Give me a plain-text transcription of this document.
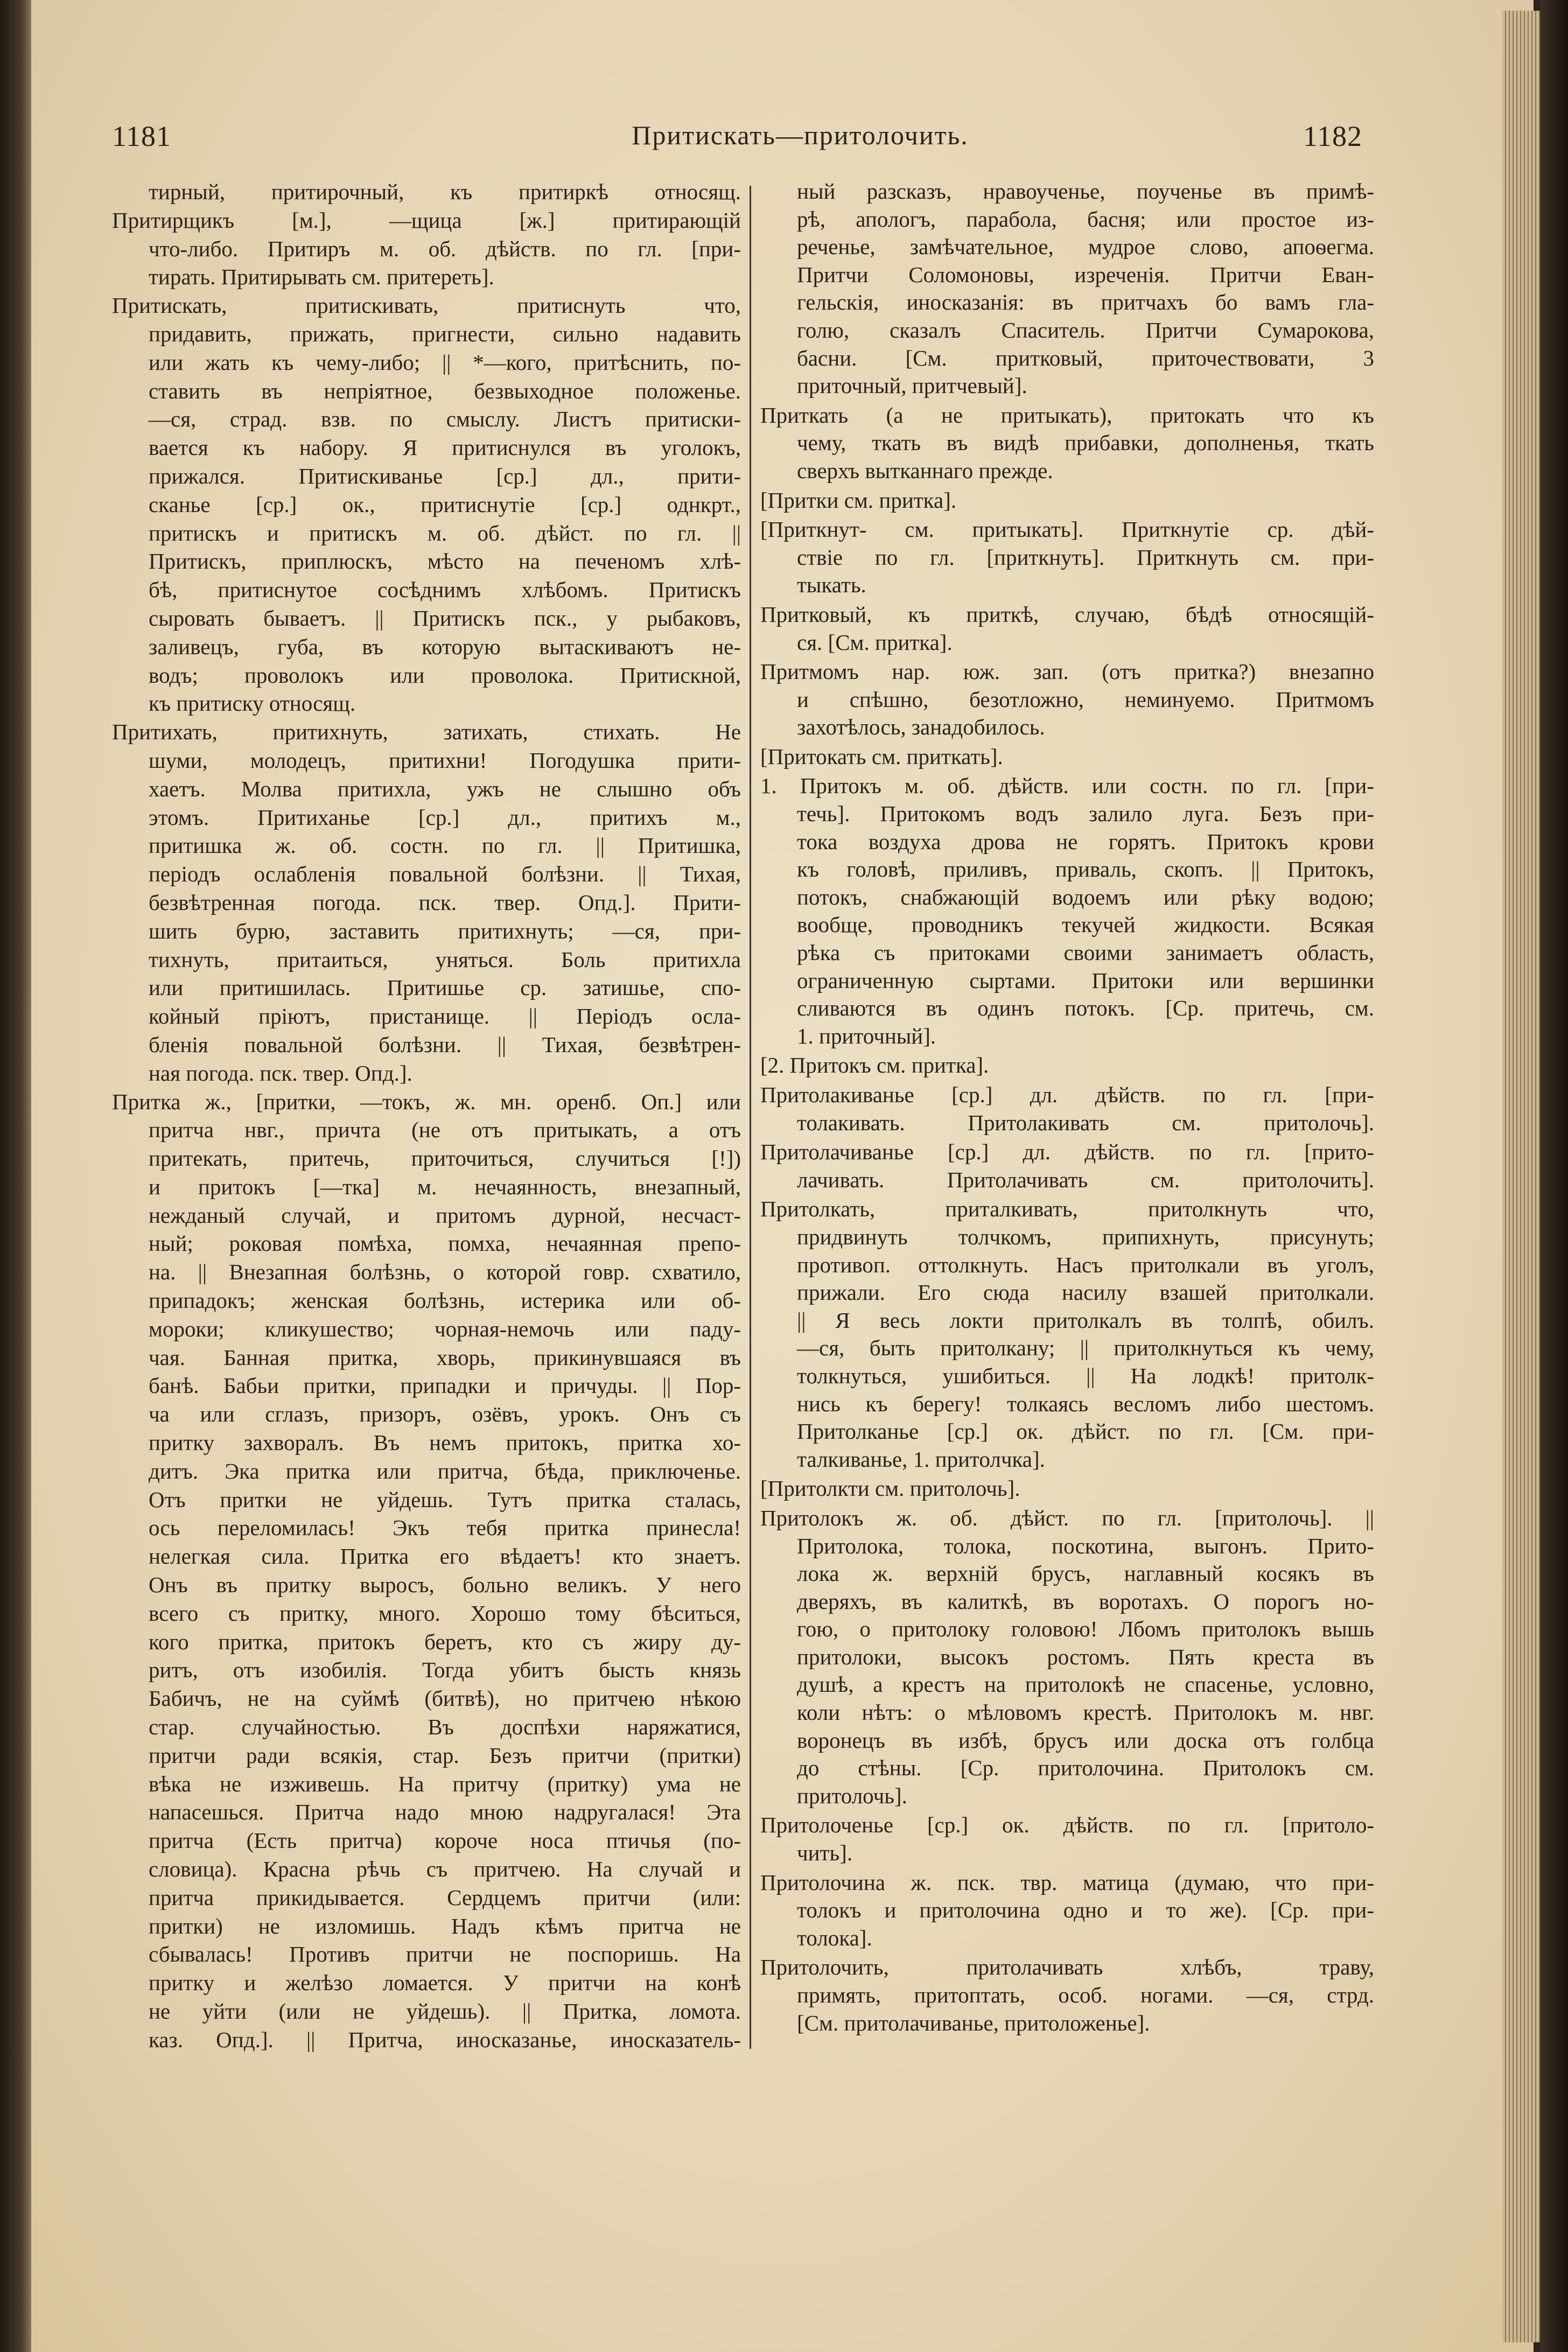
1181	Притискать—притолочить.	1182
тирный, притирочный, къ притиркѣ относящ.
Притирщикъ [м.], —щица [ж.] притирающій
что-либо. Притиръ м. об. дѣйств. по гл. [при-
тирать. Притирывать см. притереть].
Притискать, притискивать, притиснуть что,
придавить, прижать, пригнести, сильно надавить
или жать къ чему-либо; || *—кого, притѣснить, по-
ставить въ непріятное, безвыходное положенье.
—ся, страд. взв. по смыслу. Листъ притиски-
вается къ набору. Я притиснулся въ уголокъ,
прижался. Притискиванье [ср.] дл., прити-
сканье [ср.] ок., притиснутіе [ср.] однкрт.,
притискъ и притискъ м. об. дѣйст. по гл. ||
Притискъ, приплюскъ, мѣсто на печеномъ хлѣ-
бѣ, притиснутое сосѣднимъ хлѣбомъ. Притискъ
сыровать бываетъ. || Притискъ пск., у рыбаковъ,
заливецъ, губа, въ которую вытаскиваютъ не-
водъ; проволокъ или проволока. Притискной,
къ притиску относящ.
Притихать, притихнуть, затихать, стихать. Не
шуми, молодецъ, притихни! Погодушка прити-
хаетъ. Молва притихла, ужъ не слышно объ
этомъ. Притиханье [ср.] дл., притихъ м.,
притишка ж. об. состн. по гл. || Притишка,
періодъ ослабленія повальной болѣзни. || Тихая,
безвѣтренная погода. пск. твер. Опд.]. Прити-
шить бурю, заставить притихнуть; —ся, при-
тихнуть, притаиться, уняться. Боль притихла
или притишилась. Притишье ср. затишье, спо-
койный пріютъ, пристанище. || Періодъ осла-
бленія повальной болѣзни. || Тихая, безвѣтрен-
ная погода. пск. твер. Опд.].
Притка ж., [притки, —токъ, ж. мн. оренб. Оп.] или
притча нвг., причта (не отъ притыкать, а отъ
притекать, притечь, приточиться, случиться [!])
и притокъ [—тка] м. нечаянность, внезапный,
нежданый случай, и притомъ дурной, несчаст-
ный; роковая помѣха, помха, нечаянная препо-
на. || Внезапная болѣзнь, о которой говр. схватило,
припадокъ; женская болѣзнь, истерика или об-
мороки; кликушество; чорная-немочь или паду-
чая. Банная притка, хворь, прикинувшаяся въ
банѣ. Бабьи притки, припадки и причуды. || Пор-
ча или сглазъ, призоръ, озёвъ, урокъ. Онъ съ
притку захворалъ. Въ немъ притокъ, притка хо-
дитъ. Эка притка или притча, бѣда, приключенье.
Отъ притки не уйдешь. Тутъ притка сталась,
ось переломилась! Экъ тебя притка принесла!
нелегкая сила. Притка его вѣдаетъ! кто знаетъ.
Онъ въ притку выросъ, больно великъ. У него
всего съ притку, много. Хорошо тому бѣситься,
кого притка, притокъ беретъ, кто съ жиру ду-
ритъ, отъ изобилія. Тогда убитъ бысть князь
Бабичъ, не на суймѣ (битвѣ), но притчею нѣкою
стар. случайностью. Въ доспѣхи наряжатися,
притчи ради всякія, стар. Безъ притчи (притки)
вѣка не изживешь. На притчу (притку) ума не
напасешься. Притча надо мною надругалася! Эта
притча (Есть притча) короче носа птичья (по-
словица). Красна рѣчь съ притчею. На случай и
притча прикидывается. Сердцемъ притчи (или:
притки) не изломишь. Надъ кѣмъ притча не
сбывалась! Противъ притчи не поспоришь. На
притку и желѣзо ломается. У притчи на конѣ
не уйти (или не уйдешь). || Притка, ломота.
каз. Опд.]. || Притча, иносказанье, иносказатель-
ный разсказъ, нравоученье, поученье въ примѣ-
рѣ, апологъ, парабола, басня; или простое из-
реченье, замѣчательное, мудрое слово, апоѳегма.
Притчи Соломоновы, изреченія. Притчи Еван-
гельскія, иносказанія: въ притчахъ бо вамъ гла-
голю, сказалъ Спаситель. Притчи Сумарокова,
басни. [См. притковый, приточествовати, 3
приточный, притчевый].
Приткать (а не притыкать), притокать что къ
чему, ткать въ видѣ прибавки, дополненья, ткать
сверхъ вытканнаго прежде.
[Притки см. притка].
[Приткнут- см. притыкать]. Приткнутіе ср. дѣй-
ствіе по гл. [приткнуть]. Приткнуть см. при-
тыкать.
Притковый, къ приткѣ, случаю, бѣдѣ относящій-
ся. [См. притка].
Притмомъ нар. юж. зап. (отъ притка?) внезапно
и спѣшно, безотложно, неминуемо. Притмомъ
захотѣлось, занадобилось.
[Притокать см. приткать].
1. Притокъ м. об. дѣйств. или состн. по гл. [при-
течь]. Притокомъ водъ залило луга. Безъ при-
тока воздуха дрова не горятъ. Притокъ крови
къ головѣ, приливъ, приваль, скопъ. || Притокъ,
потокъ, снабжающій водоемъ или рѣку водою;
вообще, проводникъ текучей жидкости. Всякая
рѣка съ притоками своими занимаетъ область,
ограниченную сыртами. Притоки или вершинки
сливаются въ одинъ потокъ. [Ср. притечь, см.
1. приточный].
[2. Притокъ см. притка].
Притолакиванье [ср.] дл. дѣйств. по гл. [при-
толакивать. Притолакивать см. притолочь].
Притолачиванье [ср.] дл. дѣйств. по гл. [прито-
лачивать. Притолачивать см. притолочить].
Притолкать, приталкивать, притолкнуть что,
придвинуть толчкомъ, припихнуть, присунуть;
противоп. оттолкнуть. Насъ притолкали въ уголъ,
прижали. Его сюда насилу взашей притолкали.
|| Я весь локти притолкалъ въ толпѣ, обилъ.
—ся, быть притолкану; || притолкнуться къ чему,
толкнуться, ушибиться. || На лодкѣ! притолк-
нись къ берегу! толкаясь весломъ либо шестомъ.
Притолканье [ср.] ок. дѣйст. по гл. [См. при-
талкиванье, 1. притолчка].
[Притолкти см. притолочь].
Притолокъ ж. об. дѣйст. по гл. [притолочь]. ||
Притолока, толока, поскотина, выгонъ. Прито-
лока ж. верхній брусъ, наглавный косякъ въ
дверяхъ, въ калиткѣ, въ воротахъ. О порогъ но-
гою, о притолоку головою! Лбомъ притолокъ вышь
притолоки, высокъ ростомъ. Пять креста въ
душѣ, а крестъ на притолокѣ не спасенье, условно,
коли нѣтъ: о мѣловомъ крестѣ. Притолокъ м. нвг.
воронецъ въ избѣ, брусъ или доска отъ голбца
до стѣны. [Ср. притолочина. Притолокъ см.
притолочь].
Притолоченье [ср.] ок. дѣйств. по гл. [притоло-
чить].
Притолочина ж. пск. твр. матица (думаю, что при-
толокъ и притолочина одно и то же). [Ср. при-
толока].
Притолочить, притолачивать хлѣбъ, траву,
примять, притоптать, особ. ногами. —ся, стрд.
[См. притолачиванье, притоложенье].
